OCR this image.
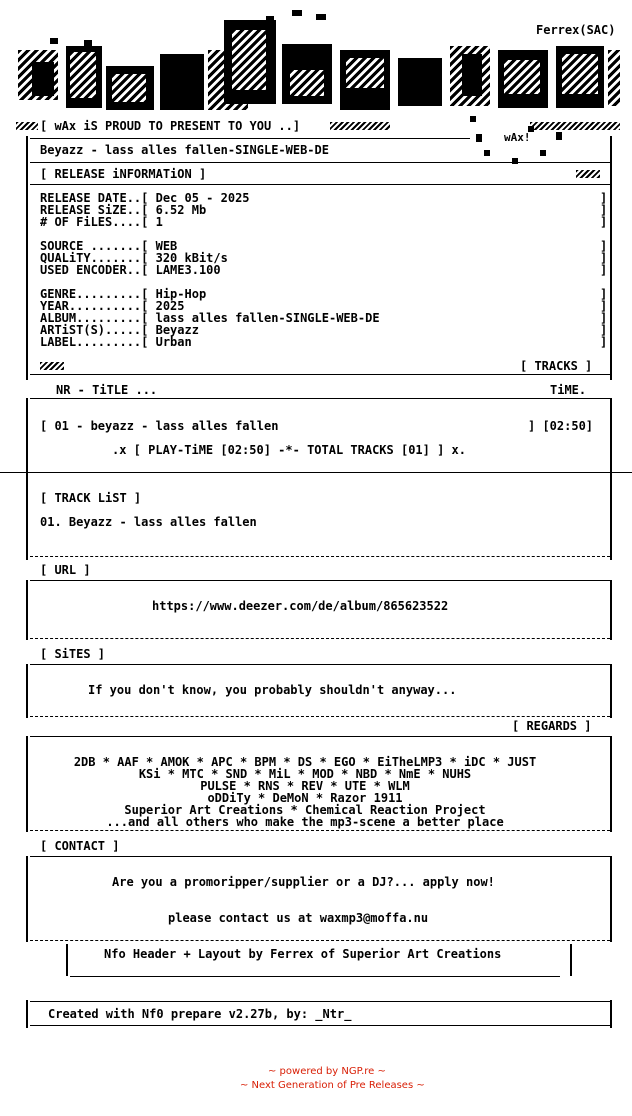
Ferrex(SAC)
[ wAx iS PROUD TO PRESENT TO YOU ..]
wAx!
Beyazz - lass alles fallen-SINGLE-WEB-DE
[ RELEASE iNFORMATiON ]
RELEASE DATE..[ Dec 05 - 2025
RELEASE SiZE..[ 6.52 Mb
# OF FiLES....[ 1
SOURCE .......[ WEB
QUALiTY.......[ 320 kBit/s
USED ENCODER..[ LAME3.100
GENRE.........[ Hip-Hop
YEAR..........[ 2025
ALBUM.........[ lass alles fallen-SINGLE-WEB-DE
ARTiST(S).....[ Beyazz
LABEL.........[ Urban
]
]
]
]
]
]
]
]
]
]
]
[ TRACKS ]
NR - TiTLE ...	TiME.
[ 01 - beyazz - lass alles fallen	] [02:50]
.x [ PLAY-TiME [02:50] -*- TOTAL TRACKS [01] ] x.
[ TRACK LiST ]
01. Beyazz - lass alles fallen
[ URL ]
https://www.deezer.com/de/album/865623522
[ SiTES ]
If you don't know, you probably shouldn't anyway...
[ REGARDS ]
2DB * AAF * AMOK * APC * BPM * DS * EGO * EiTheLMP3 * iDC * JUST
KSi * MTC * SND * MiL * MOD * NBD * NmE * NUHS
PULSE * RNS * REV * UTE * WLM
oDDiTy * DeMoN * Razor 1911
Superior Art Creations * Chemical Reaction Project
...and all others who make the mp3-scene a better place
[ CONTACT ]
Are you a promoripper/supplier or a DJ?... apply now!
please contact us at waxmp3@moffa.nu
Nfo Header + Layout by Ferrex of Superior Art Creations
Created with Nf0 prepare v2.27b, by: _Ntr_
~ powered by NGP.re ~
~ Next Generation of Pre Releases ~
